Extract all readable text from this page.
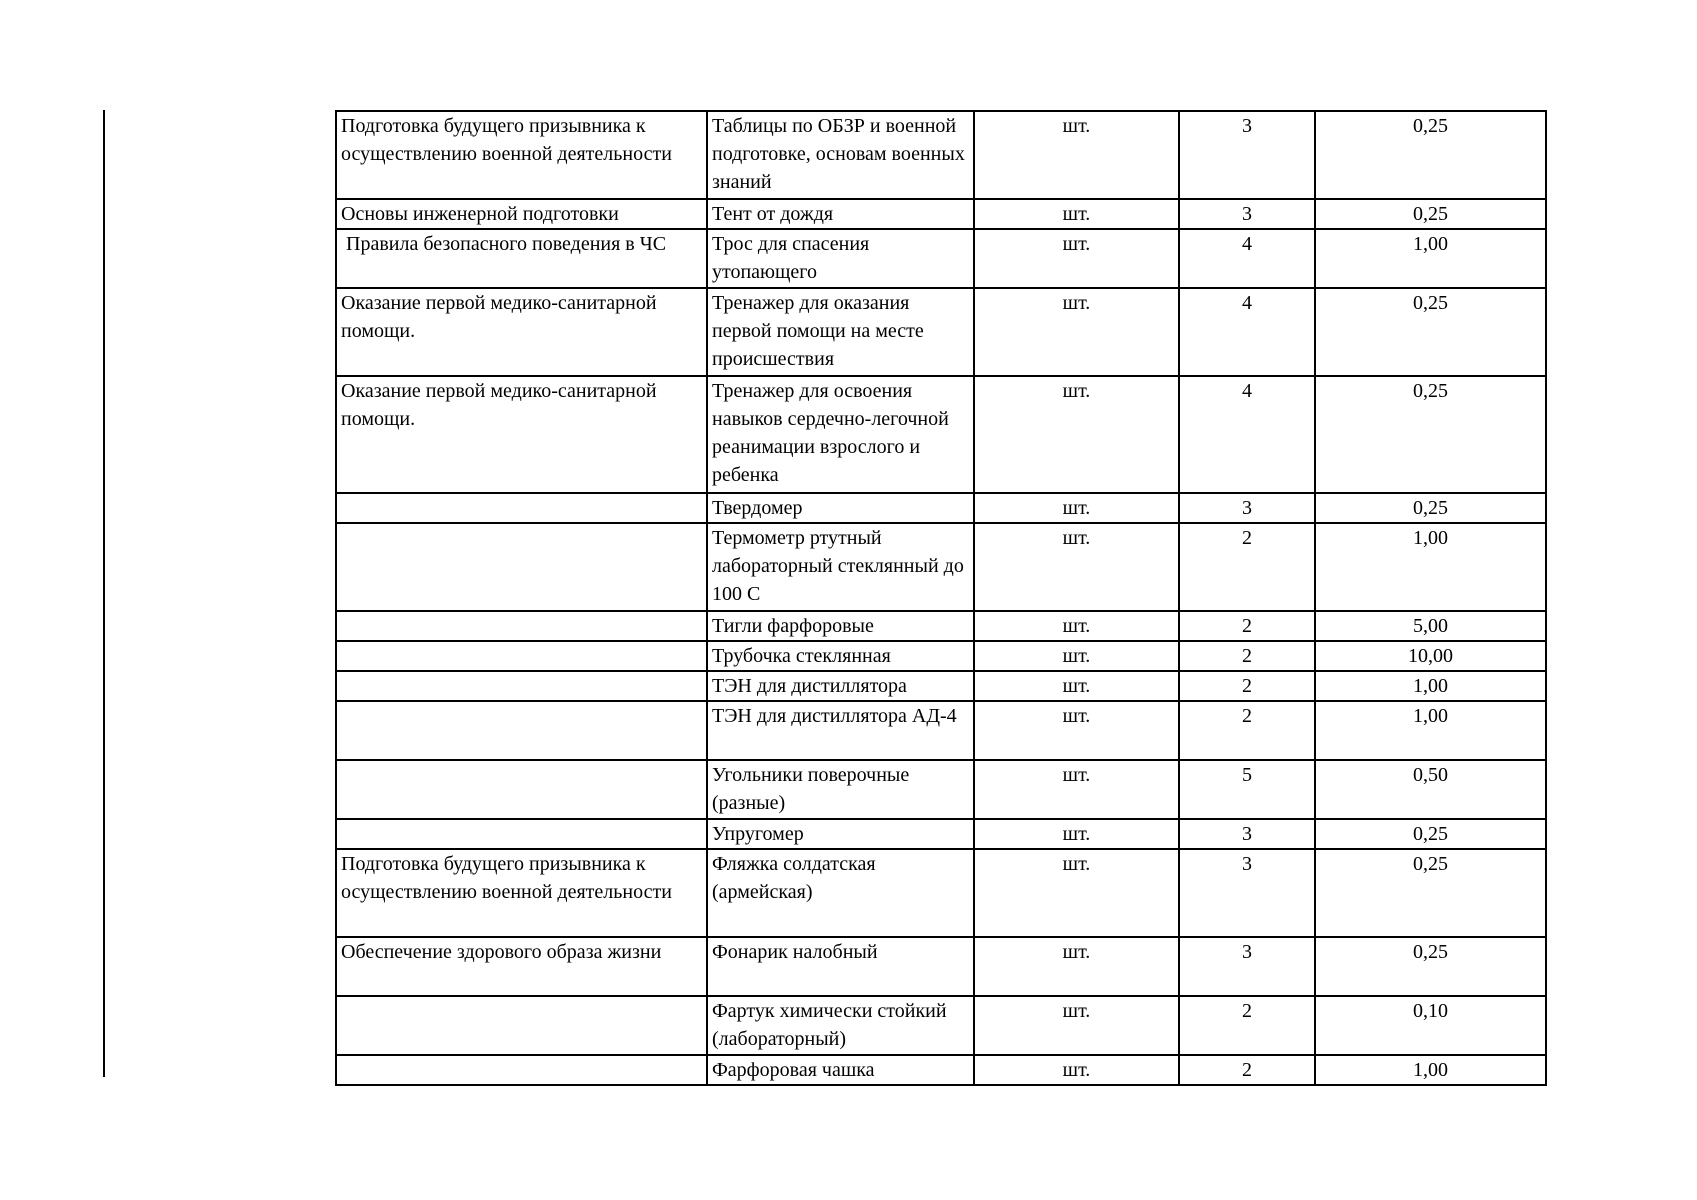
Подготовка будущего призывника к осуществлению военной деятельности	Таблицы по ОБЗР и военной подготовке, основам военных знаний	шт.	3	0,25
Основы инженерной подготовки	Тент от дождя	шт.	3	0,25
Правила безопасного поведения в ЧС	Трос для спасения утопающего	шт.	4	1,00
Оказание первой медико-санитарной помощи.	Тренажер для оказания первой помощи на месте происшествия	шт.	4	0,25
Оказание первой медико-санитарной помощи.	Тренажер для освоения навыков сердечно-легочной реанимации взрослого и ребенка	шт.	4	0,25
	Твердомер	шт.	3	0,25
	Термометр ртутный лабораторный стеклянный до 100 С	шт.	2	1,00
	Тигли фарфоровые	шт.	2	5,00
	Трубочка стеклянная	шт.	2	10,00
	ТЭН для дистиллятора	шт.	2	1,00
	ТЭН для дистиллятора АД-4	шт.	2	1,00
	Угольники поверочные (разные)	шт.	5	0,50
	Упругомер	шт.	3	0,25
Подготовка будущего призывника к осуществлению военной деятельности	Фляжка солдатская (армейская)	шт.	3	0,25
Обеспечение здорового образа жизни	Фонарик налобный	шт.	3	0,25
	Фартук химически стойкий (лабораторный)	шт.	2	0,10
	Фарфоровая чашка	шт.	2	1,00
